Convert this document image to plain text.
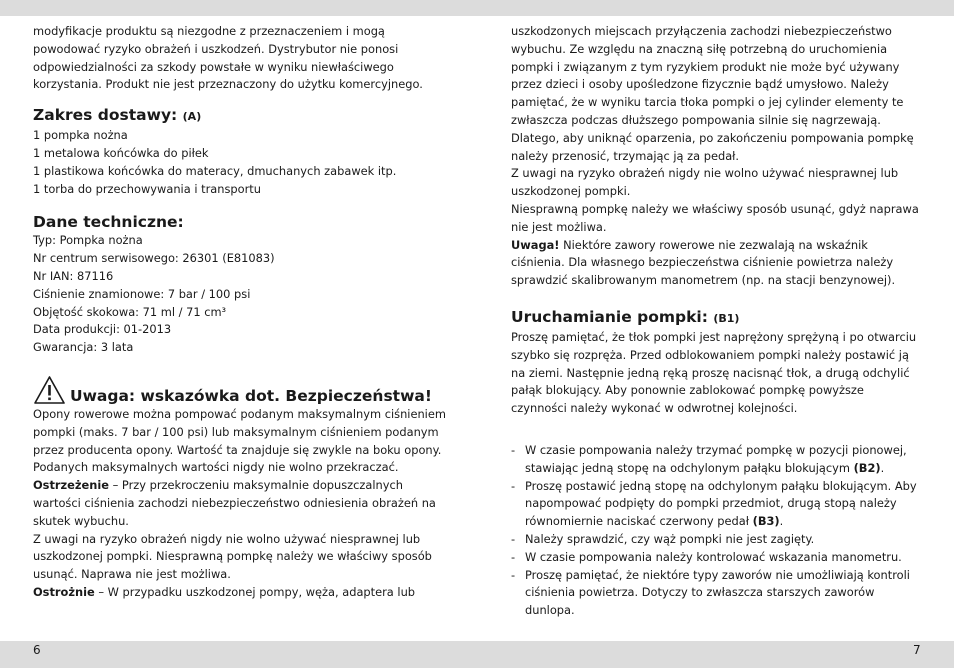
modyfikacje produktu są niezgodne z przeznaczeniem i mogą powodować ryzyko obrażeń i uszkodzeń. Dystrybutor nie ponosi odpowiedzialności za szkody powstałe w wyniku niewłaściwego korzystania. Produkt nie jest przeznaczony do użytku komercyjnego.

Zakres dostawy: (A)

1 pompka nożna

1 metalowa końcówka do piłek

1 plastikowa końcówka do materacy, dmuchanych zabawek itp.

1 torba do przechowywania i transportu

Dane techniczne:

Typ: Pompka nożna

Nr centrum serwisowego: 26301 (E81083)

Nr IAN: 87116

Ciśnienie znamionowe: 7 bar / 100 psi

Objętość skokowa: 71 ml / 71 cm³

Data produkcji: 01-2013

Gwarancja: 3 lata

Uwaga: wskazówka dot. Bezpieczeństwa!

Opony rowerowe można pompować podanym maksymalnym ciśnieniem pompki (maks. 7 bar / 100 psi) lub maksymalnym ciśnieniem podanym przez producenta opony. Wartość ta znajduje się zwykle na boku opony. Podanych maksymalnych wartości nigdy nie wolno przekraczać.

Ostrzeżenie – Przy przekroczeniu maksymalnie dopuszczalnych wartości ciśnienia zachodzi niebezpieczeństwo odniesienia obrażeń na skutek wybuchu.

Z uwagi na ryzyko obrażeń nigdy nie wolno używać niesprawnej lub uszkodzonej pompki. Niesprawną pompkę należy we właściwy sposób usunąć. Naprawa nie jest możliwa.

Ostrożnie – W przypadku uszkodzonej pompy, węża, adaptera lub

uszkodzonych miejscach przyłączenia zachodzi niebezpieczeństwo wybuchu. Ze względu na znaczną siłę potrzebną do uruchomienia pompki i związanym z tym ryzykiem produkt nie może być używany przez dzieci i osoby upośledzone fizycznie bądź umysłowo. Należy pamiętać, że w wyniku tarcia tłoka pompki o jej cylinder elementy te zwłaszcza podczas dłuższego pompowania silnie się nagrzewają. Dlatego, aby uniknąć oparzenia, po zakończeniu pompowania pompkę należy przenosić, trzymając ją za pedał.

Z uwagi na ryzyko obrażeń nigdy nie wolno używać niesprawnej lub uszkodzonej pompki.

Niesprawną pompkę należy we właściwy sposób usunąć, gdyż naprawa nie jest możliwa.

Uwaga! Niektóre zawory rowerowe nie zezwalają na wskaźnik ciśnienia. Dla własnego bezpieczeństwa ciśnienie powietrza należy sprawdzić skalibrowanym manometrem (np. na stacji benzynowej).

Uruchamianie pompki: (B1)

Proszę pamiętać, że tłok pompki jest naprężony sprężyną i po otwarciu szybko się rozpręża. Przed odblokowaniem pompki należy postawić ją na ziemi. Następnie jedną ręką proszę nacisnąć tłok, a drugą odchylić pałąk blokujący. Aby ponownie zablokować pompkę powyższe czynności należy wykonać w odwrotnej kolejności.

- W czasie pompowania należy trzymać pompkę w pozycji pionowej, stawiając jedną stopę na odchylonym pałąku blokującym (B2).
- Proszę postawić jedną stopę na odchylonym pałąku blokującym. Aby napompować podpięty do pompki przedmiot, drugą stopą należy równomiernie naciskać czerwony pedał (B3).
- Należy sprawdzić, czy wąż pompki nie jest zagięty.
- W czasie pompowania należy kontrolować wskazania manometru.
- Proszę pamiętać, że niektóre typy zaworów nie umożliwiają kontroli ciśnienia powietrza. Dotyczy to zwłaszcza starszych zaworów dunlopa.
6	7
